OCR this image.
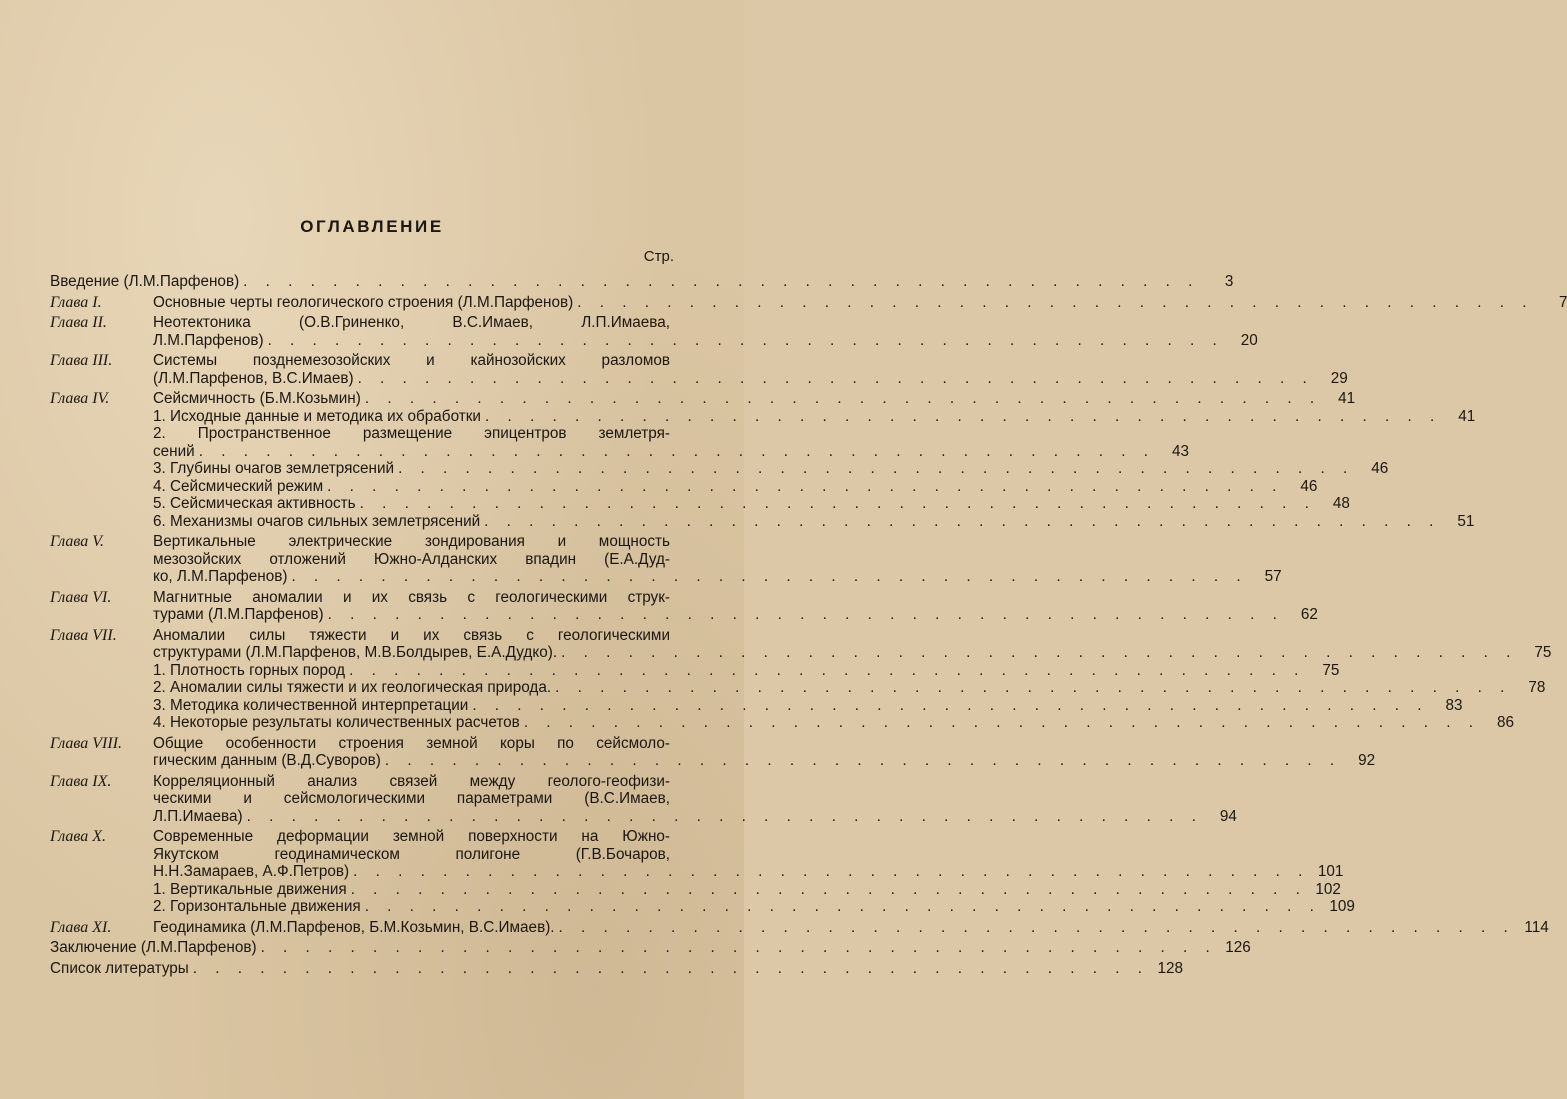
ОГЛАВЛЕНИЕ
Стр.
Введение (Л.М.Парфенов) . . . . . . . . . . . . . . . . . . . . . . . . . . . . . . . . . . . . . . . . . . .	3
Глава I.	Основные черты геологического строения (Л.М.Парфенов) . . . . . . . . . . . . . . . . . . . . . . . . . . . . . . . . . . . . . . . . . . .	7
Глава II.	Неотектоника (О.В.Гриненко, В.С.Имаев, Л.П.Имаева,
Л.М.Парфенов) . . . . . . . . . . . . . . . . . . . . . . . . . . . . . . . . . . . . . . . . . . .	20
Глава III.	Системы позднемезозойских и кайнозойских разломов
(Л.М.Парфенов, В.С.Имаев) . . . . . . . . . . . . . . . . . . . . . . . . . . . . . . . . . . . . . . . . . . .	29
Глава IV.	Сейсмичность (Б.М.Козьмин) . . . . . . . . . . . . . . . . . . . . . . . . . . . . . . . . . . . . . . . . . . .	41
1. Исходные данные и методика их обработки . . . . . . . . . . . . . . . . . . . . . . . . . . . . . . . . . . . . . . . . . . .	41
2. Пространственное размещение эпицентров землетря-
сений . . . . . . . . . . . . . . . . . . . . . . . . . . . . . . . . . . . . . . . . . . .	43
3. Глубины очагов землетрясений . . . . . . . . . . . . . . . . . . . . . . . . . . . . . . . . . . . . . . . . . . .	46
4. Сейсмический режим . . . . . . . . . . . . . . . . . . . . . . . . . . . . . . . . . . . . . . . . . . .	46
5. Сейсмическая активность . . . . . . . . . . . . . . . . . . . . . . . . . . . . . . . . . . . . . . . . . . .	48
6. Механизмы очагов сильных землетрясений . . . . . . . . . . . . . . . . . . . . . . . . . . . . . . . . . . . . . . . . . . .	51
Глава V.	Вертикальные электрические зондирования и мощность
мезозойских отложений Южно-Алданских впадин (Е.А.Дуд-
ко, Л.М.Парфенов) . . . . . . . . . . . . . . . . . . . . . . . . . . . . . . . . . . . . . . . . . . .	57
Глава VI.	Магнитные аномалии и их связь с геологическими струк-
турами (Л.М.Парфенов) . . . . . . . . . . . . . . . . . . . . . . . . . . . . . . . . . . . . . . . . . . .	62
Глава VII.	Аномалии силы тяжести и их связь с геологическими
структурами (Л.М.Парфенов, М.В.Болдырев, Е.А.Дудко). . . . . . . . . . . . . . . . . . . . . . . . . . . . . . . . . . . . . . . . . . . .	75
1. Плотность горных пород . . . . . . . . . . . . . . . . . . . . . . . . . . . . . . . . . . . . . . . . . . .	75
2. Аномалии силы тяжести и их геологическая природа. . . . . . . . . . . . . . . . . . . . . . . . . . . . . . . . . . . . . . . . . . . .	78
3. Методика количественной интерпретации . . . . . . . . . . . . . . . . . . . . . . . . . . . . . . . . . . . . . . . . . . .	83
4. Некоторые результаты количественных расчетов . . . . . . . . . . . . . . . . . . . . . . . . . . . . . . . . . . . . . . . . . . .	86
Глава VIII.	Общие особенности строения земной коры по сейсмоло-
гическим данным (В.Д.Суворов) . . . . . . . . . . . . . . . . . . . . . . . . . . . . . . . . . . . . . . . . . . .	92
Глава IX.	Корреляционный анализ связей между геолого-геофизи-
ческими и сейсмологическими параметрами (В.С.Имаев,
Л.П.Имаева) . . . . . . . . . . . . . . . . . . . . . . . . . . . . . . . . . . . . . . . . . . .	94
Глава X.	Современные деформации земной поверхности на Южно-
Якутском геодинамическом полигоне (Г.В.Бочаров,
Н.Н.Замараев, А.Ф.Петров) . . . . . . . . . . . . . . . . . . . . . . . . . . . . . . . . . . . . . . . . . . . 101
1. Вертикальные движения . . . . . . . . . . . . . . . . . . . . . . . . . . . . . . . . . . . . . . . . . . . 102
2. Горизонтальные движения . . . . . . . . . . . . . . . . . . . . . . . . . . . . . . . . . . . . . . . . . . . 109
Глава XI.	Геодинамика (Л.М.Парфенов, Б.М.Козьмин, В.С.Имаев). . . . . . . . . . . . . . . . . . . . . . . . . . . . . . . . . . . . . . . . . . . . 114
Заключение (Л.М.Парфенов) . . . . . . . . . . . . . . . . . . . . . . . . . . . . . . . . . . . . . . . . . . . 126
Список литературы . . . . . . . . . . . . . . . . . . . . . . . . . . . . . . . . . . . . . . . . . . . 128
